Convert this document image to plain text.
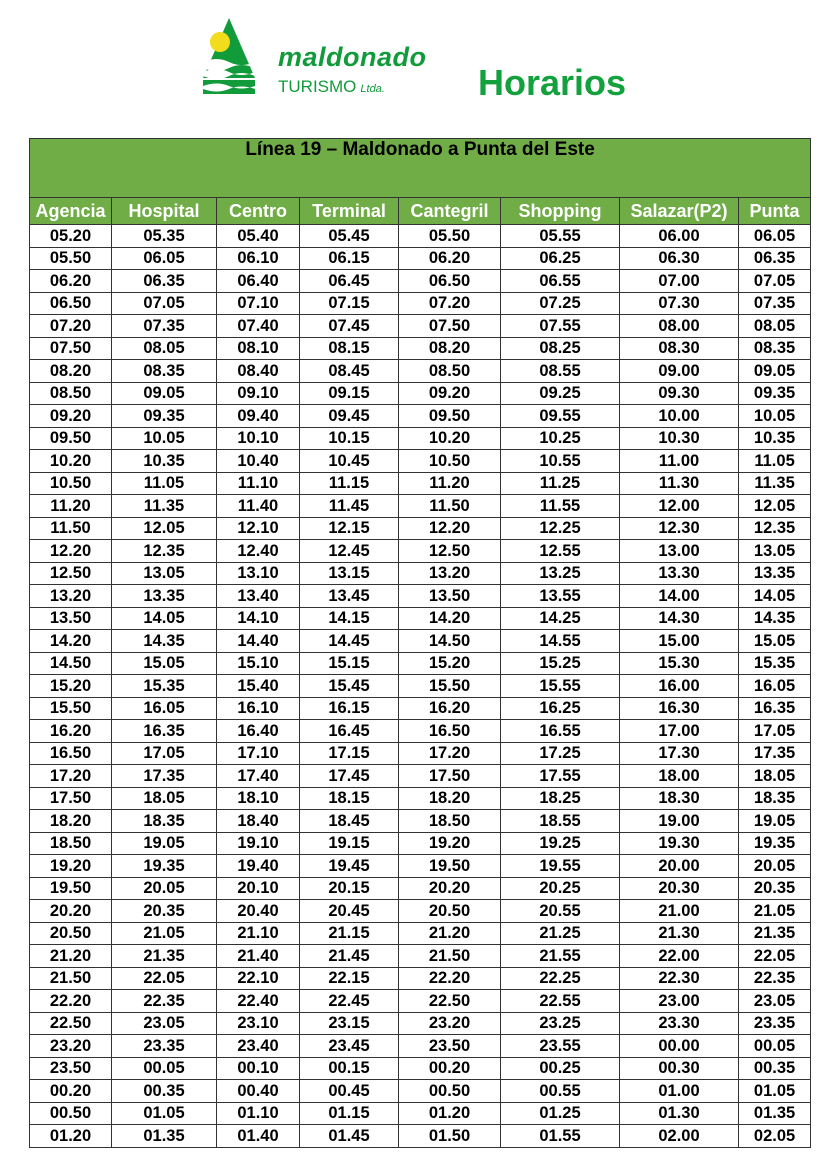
maldonado
TURISMO Ltda.	Horarios
Línea 19 – Maldonado a Punta del Este							
Agencia	Hospital	Centro	Terminal	Cantegril	Shopping	Salazar(P2)	Punta
05.20	05.35	05.40	05.45	05.50	05.55	06.00	06.05
05.50	06.05	06.10	06.15	06.20	06.25	06.30	06.35
06.20	06.35	06.40	06.45	06.50	06.55	07.00	07.05
06.50	07.05	07.10	07.15	07.20	07.25	07.30	07.35
07.20	07.35	07.40	07.45	07.50	07.55	08.00	08.05
07.50	08.05	08.10	08.15	08.20	08.25	08.30	08.35
08.20	08.35	08.40	08.45	08.50	08.55	09.00	09.05
08.50	09.05	09.10	09.15	09.20	09.25	09.30	09.35
09.20	09.35	09.40	09.45	09.50	09.55	10.00	10.05
09.50	10.05	10.10	10.15	10.20	10.25	10.30	10.35
10.20	10.35	10.40	10.45	10.50	10.55	11.00	11.05
10.50	11.05	11.10	11.15	11.20	11.25	11.30	11.35
11.20	11.35	11.40	11.45	11.50	11.55	12.00	12.05
11.50	12.05	12.10	12.15	12.20	12.25	12.30	12.35
12.20	12.35	12.40	12.45	12.50	12.55	13.00	13.05
12.50	13.05	13.10	13.15	13.20	13.25	13.30	13.35
13.20	13.35	13.40	13.45	13.50	13.55	14.00	14.05
13.50	14.05	14.10	14.15	14.20	14.25	14.30	14.35
14.20	14.35	14.40	14.45	14.50	14.55	15.00	15.05
14.50	15.05	15.10	15.15	15.20	15.25	15.30	15.35
15.20	15.35	15.40	15.45	15.50	15.55	16.00	16.05
15.50	16.05	16.10	16.15	16.20	16.25	16.30	16.35
16.20	16.35	16.40	16.45	16.50	16.55	17.00	17.05
16.50	17.05	17.10	17.15	17.20	17.25	17.30	17.35
17.20	17.35	17.40	17.45	17.50	17.55	18.00	18.05
17.50	18.05	18.10	18.15	18.20	18.25	18.30	18.35
18.20	18.35	18.40	18.45	18.50	18.55	19.00	19.05
18.50	19.05	19.10	19.15	19.20	19.25	19.30	19.35
19.20	19.35	19.40	19.45	19.50	19.55	20.00	20.05
19.50	20.05	20.10	20.15	20.20	20.25	20.30	20.35
20.20	20.35	20.40	20.45	20.50	20.55	21.00	21.05
20.50	21.05	21.10	21.15	21.20	21.25	21.30	21.35
21.20	21.35	21.40	21.45	21.50	21.55	22.00	22.05
21.50	22.05	22.10	22.15	22.20	22.25	22.30	22.35
22.20	22.35	22.40	22.45	22.50	22.55	23.00	23.05
22.50	23.05	23.10	23.15	23.20	23.25	23.30	23.35
23.20	23.35	23.40	23.45	23.50	23.55	00.00	00.05
23.50	00.05	00.10	00.15	00.20	00.25	00.30	00.35
00.20	00.35	00.40	00.45	00.50	00.55	01.00	01.05
00.50	01.05	01.10	01.15	01.20	01.25	01.30	01.35
01.20	01.35	01.40	01.45	01.50	01.55	02.00	02.05
